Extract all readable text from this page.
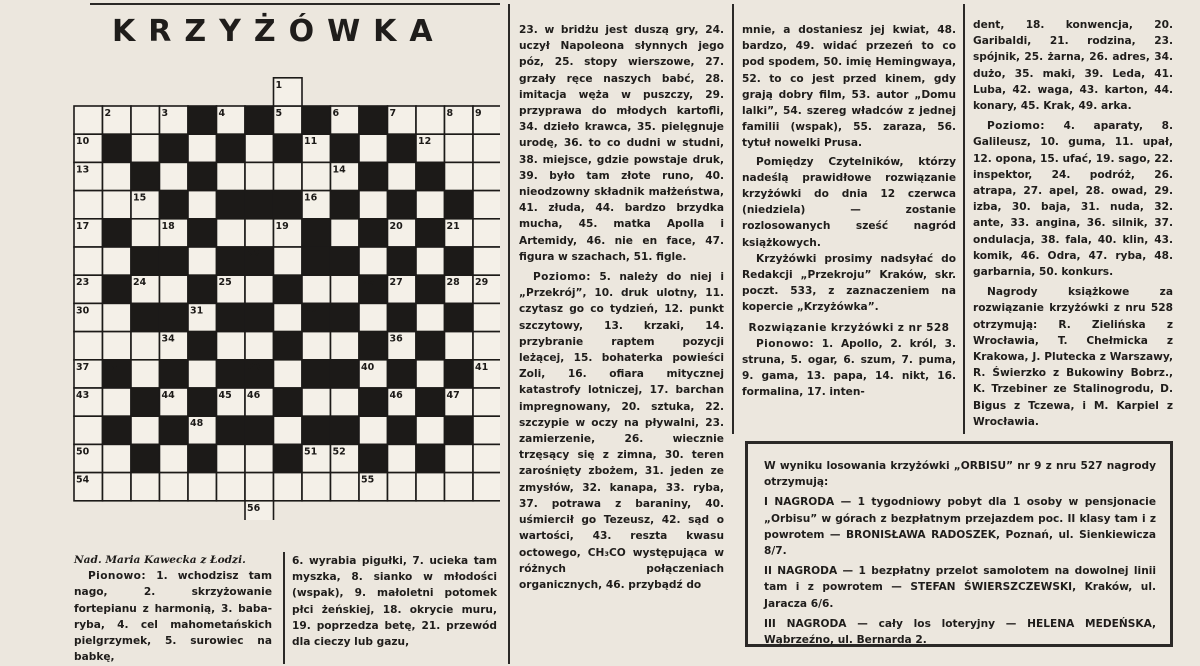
KRZYŻÓWKA
1
2	3	4	5	6	7	8 9
10	11	12
13	14
15	16
17	18	19	20	21
22
23	24	25	26 27	28 29
30	31	32
34	35	36
37 38	39	40	41
43	44	45 46	46	47
48
50	51 52
54	55
56

Nad. Maria Kawecka z Łodzi.

Pionowo: 1. wchodzisz tam nago, 2. skrzyżowanie fortepianu z harmonią, 3. baba-ryba, 4. cel mahometańskich pielgrzymek, 5. surowiec na babkę,

6. wyrabia pigułki, 7. ucieka tam myszka, 8. sianko w młodości (wspak), 9. małoletni potomek płci żeńskiej, 18. okrycie muru, 19. poprzedza betę, 21. przewód dla cieczy lub gazu,

23. w bridżu jest duszą gry, 24. uczył Napoleona słynnych jego póz, 25. stopy wierszowe, 27. grzały ręce naszych babć, 28. imitacja węża w puszczy, 29. przyprawa do młodych kartofli, 34. dzieło krawca, 35. pielęgnuje urodę, 36. to co dudni w studni, 38. miejsce, gdzie powstaje druk, 39. było tam złote runo, 40. nieodzowny składnik małżeństwa, 41. złuda, 44. bardzo brzydka mucha, 45. matka Apolla i Artemidy, 46. nie en face, 47. figura w szachach, 51. figle.

Poziomo: 5. należy do niej i „Przekrój”, 10. druk ulotny, 11. czytasz go co tydzień, 12. punkt szczytowy, 13. krzaki, 14. przybranie raptem pozycji leżącej, 15. bohaterka powieści Zoli, 16. ofiara mitycznej katastrofy lotniczej, 17. barchan impregnowany, 20. sztuka, 22. szczypie w oczy na pływalni, 23. zamierzenie, 26. wiecznie trzęsący się z zimna, 30. teren zarośnięty zbożem, 31. jeden ze zmysłów, 32. kanapa, 33. ryba, 37. potrawa z baraniny, 40. uśmiercił go Tezeusz, 42. sąd o wartości, 43. reszta kwasu octowego, CH₃CO występująca w różnych połączeniach organicznych, 46. przybądź do

mnie, a dostaniesz jej kwiat, 48. bardzo, 49. widać przezeń to co pod spodem, 50. imię Hemingwaya, 52. to co jest przed kinem, gdy grają dobry film, 53. autor „Domu lalki”, 54. szereg władców z jednej familii (wspak), 55. zaraza, 56. tytuł nowelki Prusa.

Pomiędzy Czytelników, którzy nadeślą prawidłowe rozwiązanie krzyżówki do dnia 12 czerwca (niedziela) — zostanie rozlosowanych sześć nagród książkowych.

Krzyżówki prosimy nadsyłać do Redakcji „Przekroju” Kraków, skr. poczt. 533, z zaznaczeniem na kopercie „Krzyżówka”.

Rozwiązanie krzyżówki z nr 528

Pionowo: 1. Apollo, 2. król, 3. struna, 5. ogar, 6. szum, 7. puma, 9. gama, 13. papa, 14. nikt, 16. formalina, 17. inten-

dent, 18. konwencja, 20. Garibaldi, 21. rodzina, 23. spójnik, 25. żarna, 26. adres, 34. dużo, 35. maki, 39. Leda, 41. Luba, 42. waga, 43. karton, 44. konary, 45. Krak, 49. arka.

Poziomo: 4. aparaty, 8. Galileusz, 10. guma, 11. upał, 12. opona, 15. ufać, 19. sago, 22. inspektor, 24. podróż, 26. atrapa, 27. apel, 28. owad, 29. izba, 30. baja, 31. nuda, 32. ante, 33. angina, 36. silnik, 37. ondulacja, 38. fala, 40. klin, 43. komik, 46. Odra, 47. ryba, 48. garbarnia, 50. konkurs.

Nagrody książkowe za rozwiązanie krzyżówki z nru 528 otrzymują: R. Zielińska z Wrocławia, T. Chełmicka z Krakowa, J. Plutecka z Warszawy, R. Świerzko z Bukowiny Bobrz., K. Trzebiner ze Stalinogrodu, D. Bigus z Tczewa, i M. Karpiel z Wrocławia.

W wyniku losowania krzyżówki „ORBISU” nr 9 z nru 527 nagrody otrzymują:

I NAGRODA — 1 tygodniowy pobyt dla 1 osoby w pensjonacie „Orbisu” w górach z bezpłatnym przejazdem poc. II klasy tam i z powrotem — BRONISŁAWA RADOSZEK, Poznań, ul. Sienkiewicza 8/7.

II NAGRODA — 1 bezpłatny przelot samolotem na dowolnej linii tam i z powrotem — STEFAN ŚWIERSZCZEWSKI, Kraków, ul. Jaracza 6/6.

III NAGRODA — cały los loteryjny — HELENA MEDEŃSKA, Wąbrzeźno, ul. Bernarda 2.
